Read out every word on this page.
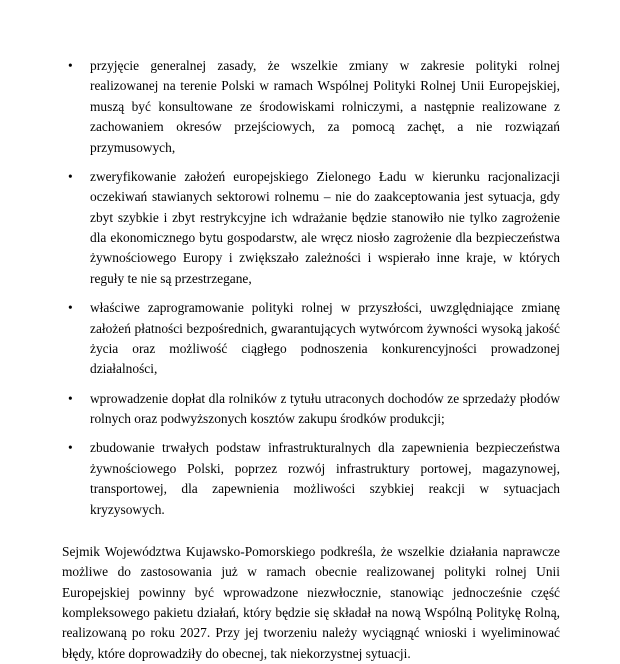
• przyjęcie generalnej zasady, że wszelkie zmiany w zakresie polityki rolnej realizowanej na terenie Polski w ramach Wspólnej Polityki Rolnej Unii Europejskiej, muszą być konsultowane ze środowiskami rolniczymi, a następnie realizowane z zachowaniem okresów przejściowych, za pomocą zachęt, a nie rozwiązań przymusowych,
• zweryfikowanie założeń europejskiego Zielonego Ładu w kierunku racjonalizacji oczekiwań stawianych sektorowi rolnemu – nie do zaakceptowania jest sytuacja, gdy zbyt szybkie i zbyt restrykcyjne ich wdrażanie będzie stanowiło nie tylko zagrożenie dla ekonomicznego bytu gospodarstw, ale wręcz niosło zagrożenie dla bezpieczeństwa żywnościowego Europy i zwiększało zależności i wspierało inne kraje, w których reguły te nie są przestrzegane,
• właściwe zaprogramowanie polityki rolnej w przyszłości, uwzględniające zmianę założeń płatności bezpośrednich, gwarantujących wytwórcom żywności wysoką jakość życia oraz możliwość ciągłego podnoszenia konkurencyjności prowadzonej działalności,
• wprowadzenie dopłat dla rolników z tytułu utraconych dochodów ze sprzedaży płodów rolnych oraz podwyższonych kosztów zakupu środków produkcji;
• zbudowanie trwałych podstaw infrastrukturalnych dla zapewnienia bezpieczeństwa żywnościowego Polski, poprzez rozwój infrastruktury portowej, magazynowej, transportowej, dla zapewnienia możliwości szybkiej reakcji w sytuacjach kryzysowych.

Sejmik Województwa Kujawsko-Pomorskiego podkreśla, że wszelkie działania naprawcze możliwe do zastosowania już w ramach obecnie realizowanej polityki rolnej Unii Europejskiej powinny być wprowadzone niezwłocznie, stanowiąc jednocześnie część kompleksowego pakietu działań, który będzie się składał na nową Wspólną Politykę Rolną, realizowaną po roku 2027. Przy jej tworzeniu należy wyciągnąć wnioski i wyeliminować błędy, które doprowadziły do obecnej, tak niekorzystnej sytuacji.
